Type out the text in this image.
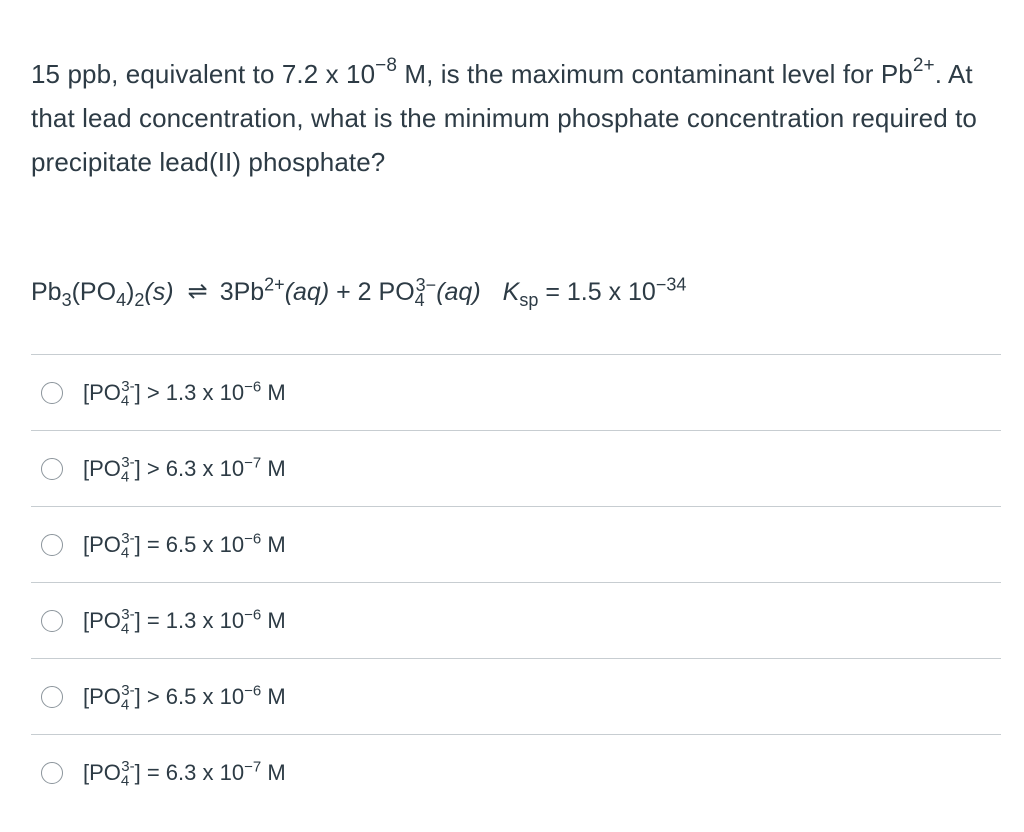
15 ppb, equivalent to 7.2 x $10^{-8}$ M, is the maximum contaminant level for $Pb^{2+}$. At that lead concentration, what is the minimum phosphate concentration required to precipitate lead(II) phosphate?
$Pb_3(PO_4)_2(s)$ ⇌ $3Pb^{2+}(aq) + 2$ $PO_4^{3-}(aq) K_{sp} = 1.5$ x $10^{-34}$
$[PO_4^{3-}] > 1.3$ x $10^{-6}$ M
$[PO_4^{3-}] > 6.3$ x $10^{-7}$ M
$[PO_4^{3-}] = 6.5$ x $10^{-6}$ M
$[PO_4^{3-}] = 1.3$ x $10^{-6}$ M
$[PO_4^{3-}] > 6.5$ x $10^{-6}$ M
$[PO_4^{3-}] = 6.3$ x $10^{-7}$ M
